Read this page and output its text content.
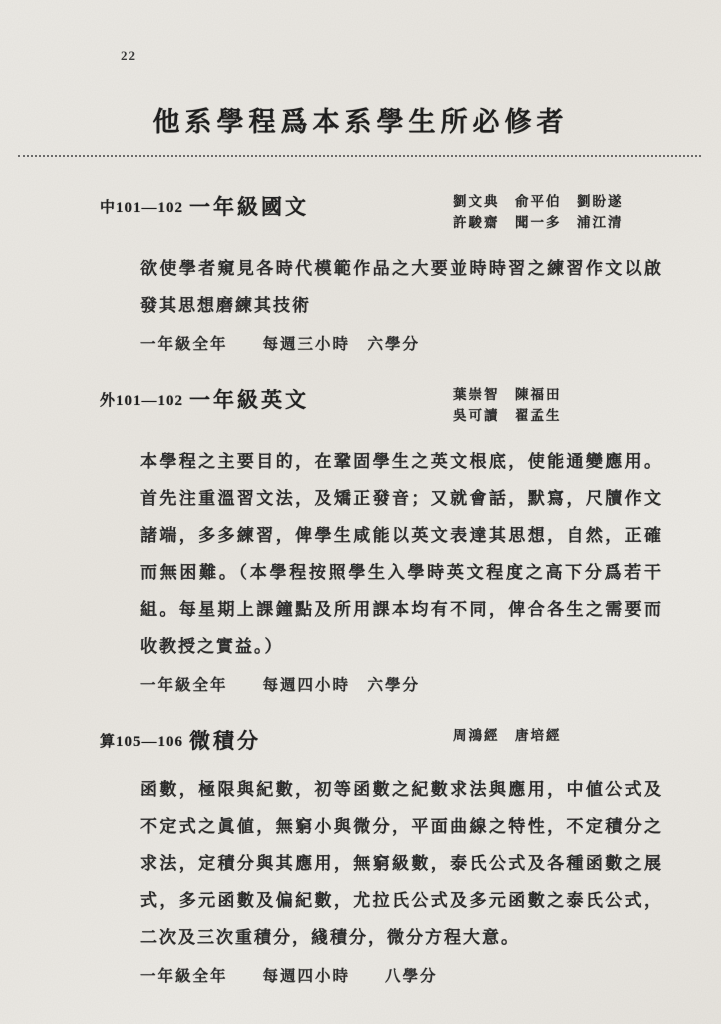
22
他系學程爲本系學生所必修者
中101—102 一年級國文	劉文典　俞平伯　劉盼遂
許駿齋　聞一多　浦江清

欲使學者窺見各時代模範作品之大要並時時習之練習作文以啟發其思想磨練其技術

一年級全年　　每週三小時　六學分

外101—102 一年級英文	葉崇智　陳福田
吳可讀　翟孟生

本學程之主要目的，在鞏固學生之英文根底，使能通變應用。首先注重溫習文法，及矯正發音；又就會話，默寫，尺牘作文諸端，多多練習，俾學生咸能以英文表達其思想，自然，正確而無困難。（本學程按照學生入學時英文程度之高下分爲若干組。每星期上課鐘點及所用課本均有不同，俾合各生之需要而收教授之實益。）

一年級全年　　每週四小時　六學分

算105—106 微積分	周鴻經　唐培經

函數，極限與紀數，初等函數之紀數求法與應用，中値公式及不定式之眞値，無窮小與微分，平面曲線之特性，不定積分之求法，定積分與其應用，無窮級數，泰氏公式及各種函數之展式，多元函數及偏紀數，尤拉氏公式及多元函數之泰氏公式，二次及三次重積分，綫積分，微分方程大意。

一年級全年　　每週四小時　　八學分
